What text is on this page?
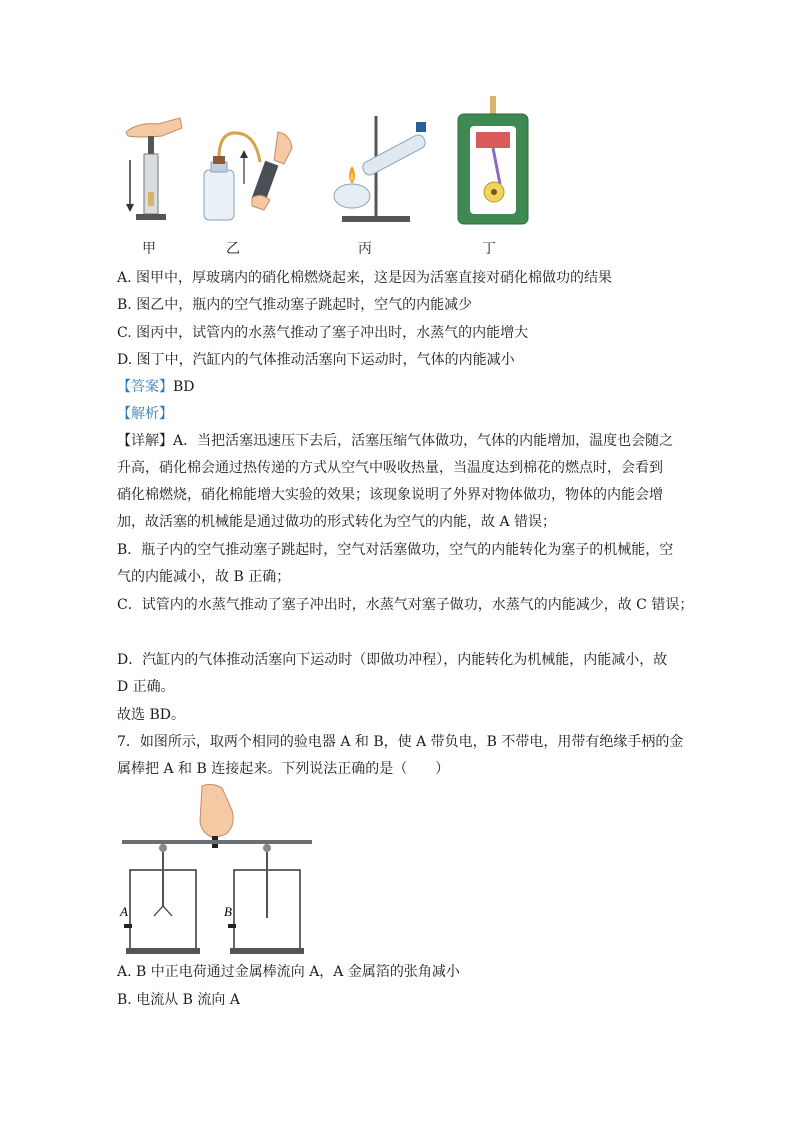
甲	乙	丙	丁
A. 图甲中，厚玻璃内的硝化棉燃烧起来，这是因为活塞直接对硝化棉做功的结果
B. 图乙中，瓶内的空气推动塞子跳起时，空气的内能减少
C. 图丙中，试管内的水蒸气推动了塞子冲出时，水蒸气的内能增大
D. 图丁中，汽缸内的气体推动活塞向下运动时，气体的内能减小
【答案】BD
【解析】
【详解】A．当把活塞迅速压下去后，活塞压缩气体做功，气体的内能增加，温度也会随之
升高，硝化棉会通过热传递的方式从空气中吸收热量，当温度达到棉花的燃点时，会看到
硝化棉燃烧，硝化棉能增大实验的效果；该现象说明了外界对物体做功，物体的内能会增
加，故活塞的机械能是通过做功的形式转化为空气的内能，故 A 错误；
B．瓶子内的空气推动塞子跳起时，空气对活塞做功，空气的内能转化为塞子的机械能，空
气的内能减小，故 B 正确；
C．试管内的水蒸气推动了塞子冲出时，水蒸气对塞子做功，水蒸气的内能减少，故 C 错误；
D．汽缸内的气体推动活塞向下运动时（即做功冲程），内能转化为机械能，内能减小，故
D 正确。
故选 BD。
7．如图所示，取两个相同的验电器 A 和 B，使 A 带负电，B 不带电，用带有绝缘手柄的金
属棒把 A 和 B 连接起来。下列说法正确的是（　　）
A	B
A. B 中正电荷通过金属棒流向 A，A 金属箔的张角减小
B. 电流从 B 流向 A
